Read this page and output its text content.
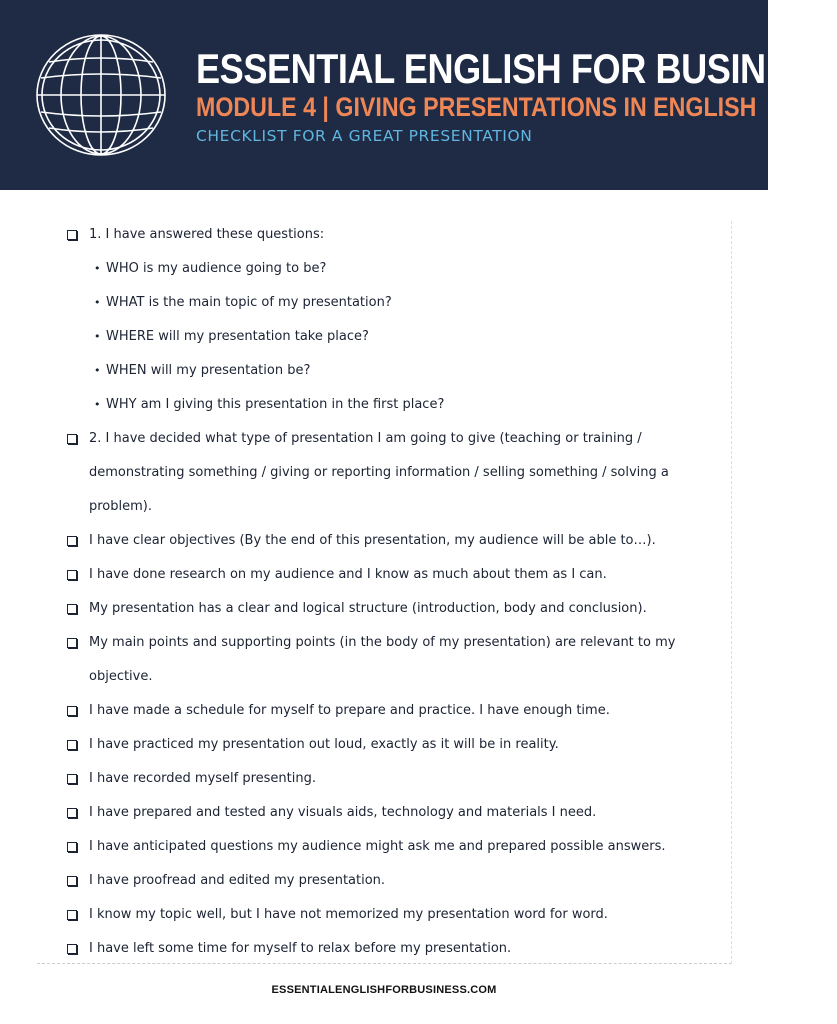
ESSENTIAL ENGLISH FOR BUSINESS
MODULE 4 | GIVING PRESENTATIONS IN ENGLISH
CHECKLIST FOR A GREAT PRESENTATION
1. I have answered these questions:
• WHO is my audience going to be?
• WHAT is the main topic of my presentation?
• WHERE will my presentation take place?
• WHEN will my presentation be?
• WHY am I giving this presentation in the first place?
2. I have decided what type of presentation I am going to give (teaching or training / demonstrating something / giving or reporting information / selling something / solving a problem).
I have clear objectives (By the end of this presentation, my audience will be able to…).
I have done research on my audience and I know as much about them as I can.
My presentation has a clear and logical structure (introduction, body and conclusion).
My main points and supporting points (in the body of my presentation) are relevant to my objective.
I have made a schedule for myself to prepare and practice. I have enough time.
I have practiced my presentation out loud, exactly as it will be in reality.
I have recorded myself presenting.
I have prepared and tested any visuals aids, technology and materials I need.
I have anticipated questions my audience might ask me and prepared possible answers.
I have proofread and edited my presentation.
I know my topic well, but I have not memorized my presentation word for word.
I have left some time for myself to relax before my presentation.
ESSENTIALENGLISHFORBUSINESS.COM
